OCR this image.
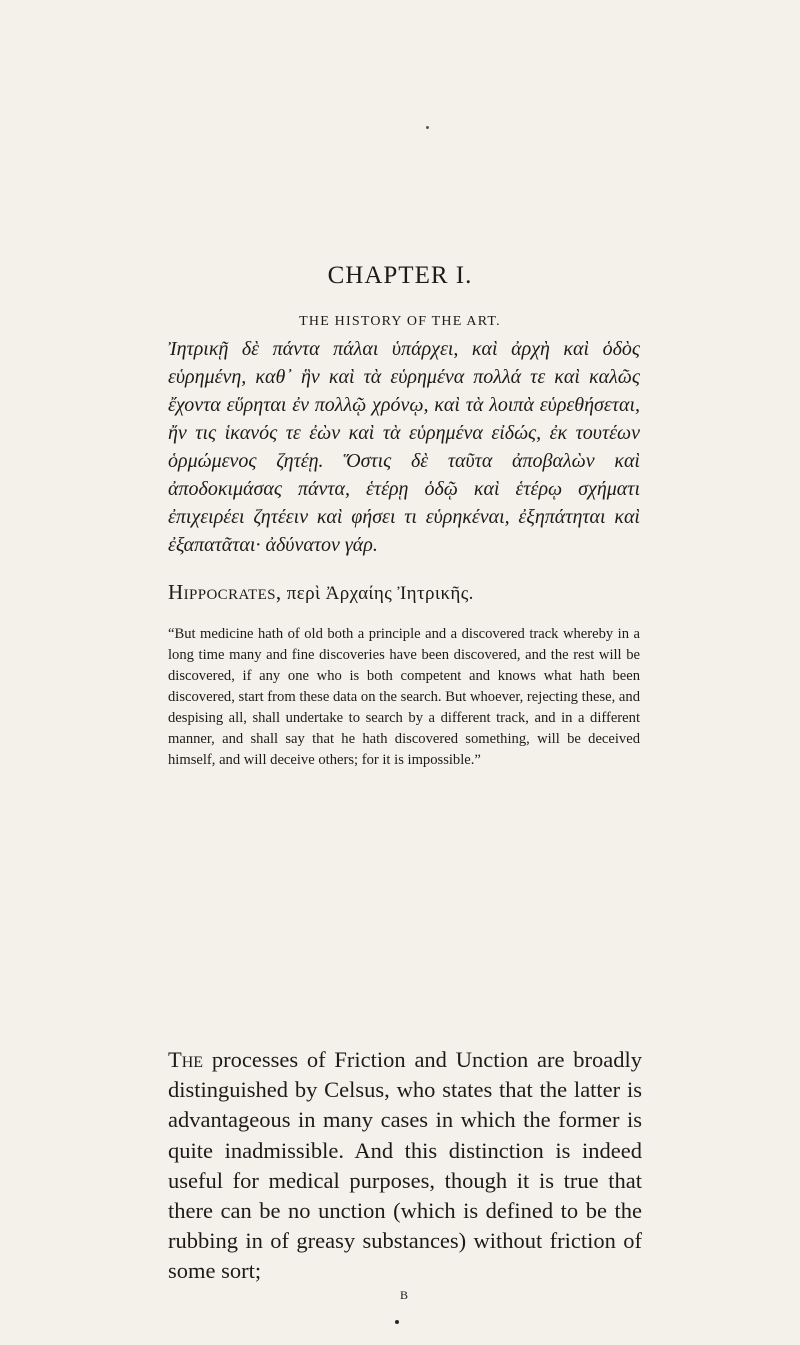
CHAPTER I.
THE HISTORY OF THE ART.
Ἰητρικῇ δὲ πάντα πάλαι ὑπάρχει, καὶ ἀρχὴ καὶ ὁδὸς εὑρημένη, καθ᾽ ἣν καὶ τὰ εὑρημένα πολλά τε καὶ καλῶς ἔχοντα εὕρηται ἐν πολλῷ χρόνῳ, καὶ τὰ λοιπὰ εὑρεθήσεται, ἤν τις ἱκανός τε ἐὼν καὶ τὰ εὑρημένα εἰδώς, ἐκ τουτέων ὁρμώμενος ζητέῃ. Ὅστις δὲ ταῦτα ἀποβαλὼν καὶ ἀποδοκιμάσας πάντα, ἑτέρῃ ὁδῷ καὶ ἑτέρῳ σχήματι ἐπιχειρέει ζητέειν καὶ φήσει τι εὑρηκέναι, ἐξηπάτηται καὶ ἐξαπατᾶται· ἀδύνατον γάρ.
Hippocrates, περὶ Ἀρχαίης Ἰητρικῆς.
“But medicine hath of old both a principle and a discovered track whereby in a long time many and fine discoveries have been discovered, and the rest will be discovered, if any one who is both competent and knows what hath been discovered, start from these data on the search. But whoever, rejecting these, and despising all, shall undertake to search by a different track, and in a different manner, and shall say that he hath discovered something, will be deceived himself, and will deceive others; for it is impossible.”
The processes of Friction and Unction are broadly distinguished by Celsus, who states that the latter is advantageous in many cases in which the former is quite inadmissible. And this distinction is indeed useful for medical purposes, though it is true that there can be no unction (which is defined to be the rubbing in of greasy substances) without friction of some sort;
B
